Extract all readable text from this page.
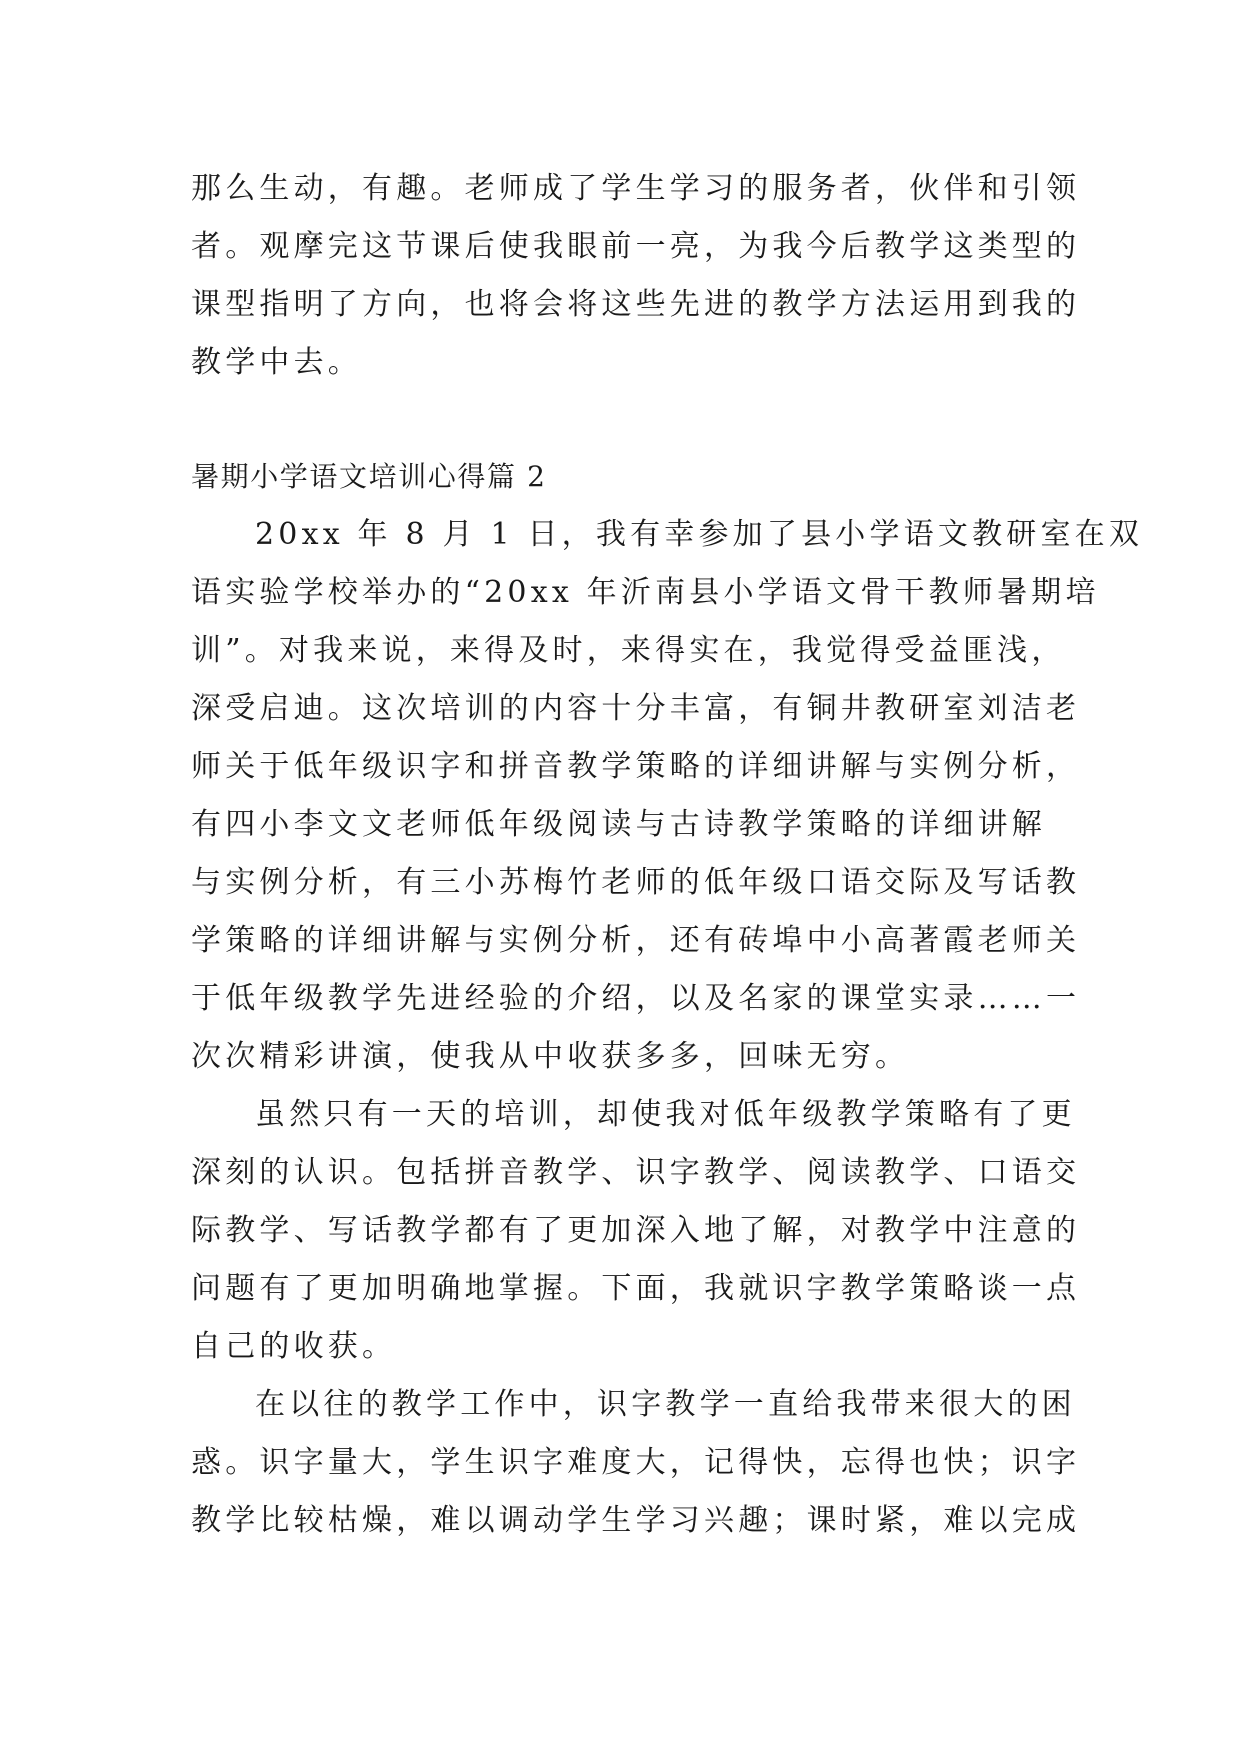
那么生动，有趣。老师成了学生学习的服务者，伙伴和引领
者。观摩完这节课后使我眼前一亮，为我今后教学这类型的
课型指明了方向，也将会将这些先进的教学方法运用到我的
教学中去。
暑期小学语文培训心得篇 2
20xx 年 8 月 1 日，我有幸参加了县小学语文教研室在双
语实验学校举办的“20xx 年沂南县小学语文骨干教师暑期培
训”。对我来说，来得及时，来得实在，我觉得受益匪浅，
深受启迪。这次培训的内容十分丰富，有铜井教研室刘洁老
师关于低年级识字和拼音教学策略的详细讲解与实例分析，
有四小李文文老师低年级阅读与古诗教学策略的详细讲解
与实例分析，有三小苏梅竹老师的低年级口语交际及写话教
学策略的详细讲解与实例分析，还有砖埠中小高著霞老师关
于低年级教学先进经验的介绍，以及名家的课堂实录……一
次次精彩讲演，使我从中收获多多，回味无穷。
虽然只有一天的培训，却使我对低年级教学策略有了更
深刻的认识。包括拼音教学、识字教学、阅读教学、口语交
际教学、写话教学都有了更加深入地了解，对教学中注意的
问题有了更加明确地掌握。下面，我就识字教学策略谈一点
自己的收获。
在以往的教学工作中，识字教学一直给我带来很大的困
惑。识字量大，学生识字难度大，记得快，忘得也快；识字
教学比较枯燥，难以调动学生学习兴趣；课时紧，难以完成
